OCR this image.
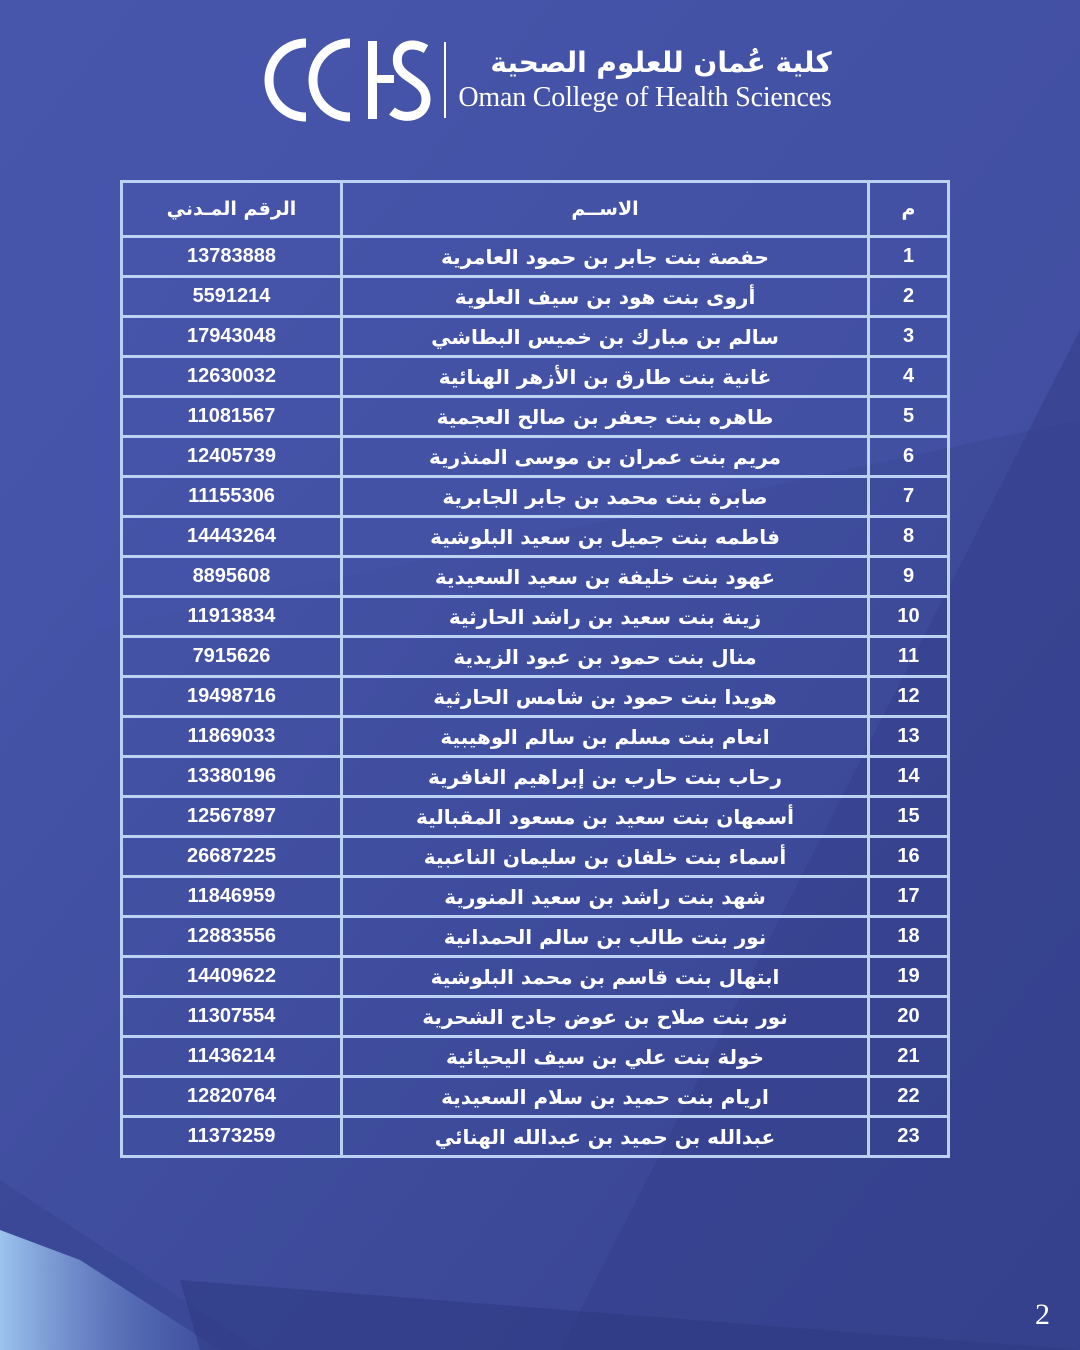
كلية عُمان للعلوم الصحية
Oman College of Health Sciences
م	الاســم	الرقم المـدني
1	حفصة بنت جابر بن حمود العامرية	13783888
2	أروى بنت هود بن سيف العلوية	5591214
3	سالم بن مبارك بن خميس البطاشي	17943048
4	غانية بنت طارق بن الأزهر الهنائية	12630032
5	طاهره بنت جعفر بن صالح العجمية	11081567
6	مريم بنت عمران بن موسى المنذرية	12405739
7	صابرة بنت محمد بن جابر الجابرية	11155306
8	فاطمه بنت جميل بن سعيد البلوشية	14443264
9	عهود بنت خليفة بن سعيد السعيدية	8895608
10	زينة بنت سعيد بن راشد الحارثية	11913834
11	منال بنت حمود بن عبود الزيدية	7915626
12	هويدا بنت حمود بن شامس الحارثية	19498716
13	انعام بنت مسلم بن سالم الوهيبية	11869033
14	رحاب بنت حارب بن إبراهيم الغافرية	13380196
15	أسمهان بنت سعيد بن مسعود المقبالية	12567897
16	أسماء بنت خلفان بن سليمان الناعبية	26687225
17	شهد بنت راشد بن سعيد المنورية	11846959
18	نور بنت طالب بن سالم الحمدانية	12883556
19	ابتهال بنت قاسم بن محمد البلوشية	14409622
20	نور بنت صلاح بن عوض جادح الشحرية	11307554
21	خولة بنت علي بن سيف اليحيائية	11436214
22	اريام بنت حميد بن سلام السعيدية	12820764
23	عبدالله بن حميد بن عبدالله الهنائي	11373259
2
